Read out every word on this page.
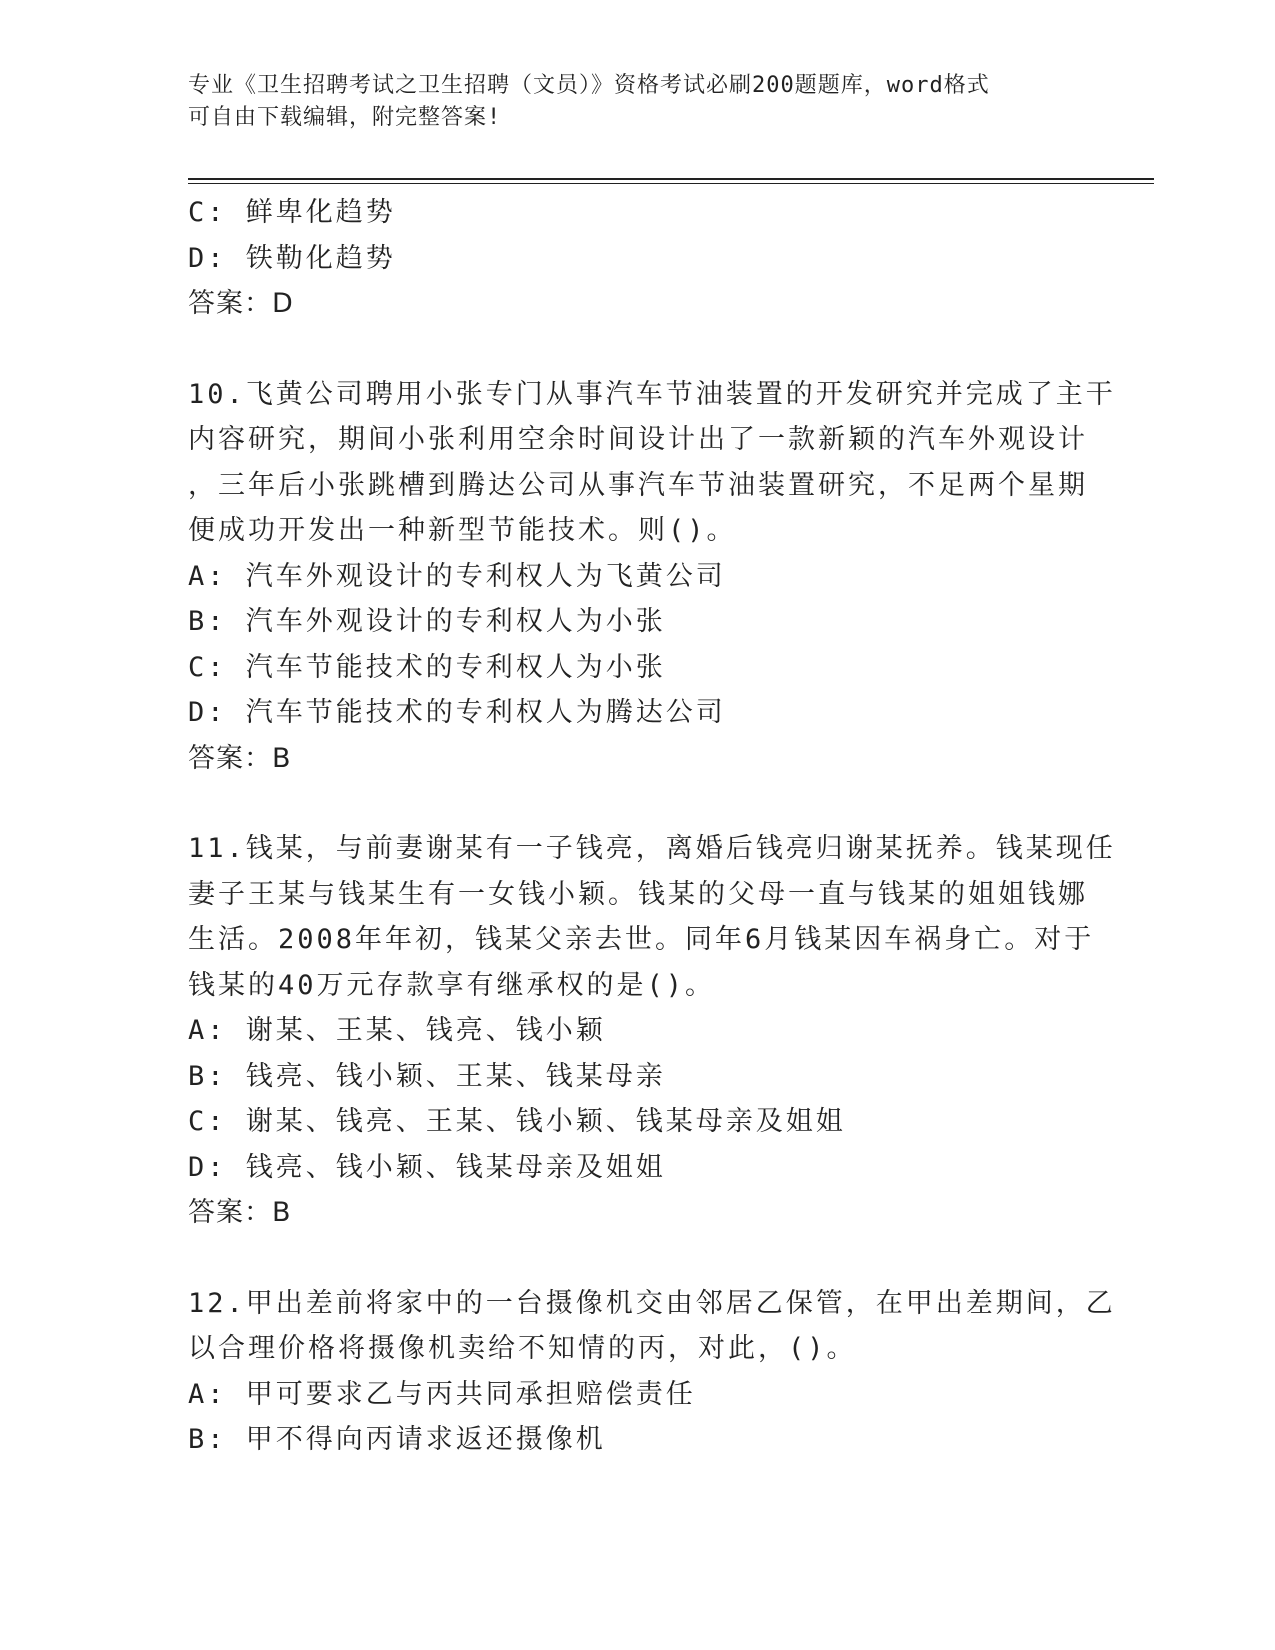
专业《卫生招聘考试之卫生招聘（文员）》资格考试必刷200题题库，word格式
可自由下载编辑，附完整答案!
C: 鲜卑化趋势
D: 铁勒化趋势
答案：D
10.飞黄公司聘用小张专门从事汽车节油装置的开发研究并完成了主干
内容研究，期间小张利用空余时间设计出了一款新颖的汽车外观设计
，三年后小张跳槽到腾达公司从事汽车节油装置研究，不足两个星期
便成功开发出一种新型节能技术。则()。
A: 汽车外观设计的专利权人为飞黄公司
B: 汽车外观设计的专利权人为小张
C: 汽车节能技术的专利权人为小张
D: 汽车节能技术的专利权人为腾达公司
答案：B
11.钱某，与前妻谢某有一子钱亮，离婚后钱亮归谢某抚养。钱某现任
妻子王某与钱某生有一女钱小颖。钱某的父母一直与钱某的姐姐钱娜
生活。2008年年初，钱某父亲去世。同年6月钱某因车祸身亡。对于
钱某的40万元存款享有继承权的是()。
A: 谢某、王某、钱亮、钱小颖
B: 钱亮、钱小颖、王某、钱某母亲
C: 谢某、钱亮、王某、钱小颖、钱某母亲及姐姐
D: 钱亮、钱小颖、钱某母亲及姐姐
答案：B
12.甲出差前将家中的一台摄像机交由邻居乙保管，在甲出差期间，乙
以合理价格将摄像机卖给不知情的丙，对此，()。
A: 甲可要求乙与丙共同承担赔偿责任
B: 甲不得向丙请求返还摄像机
